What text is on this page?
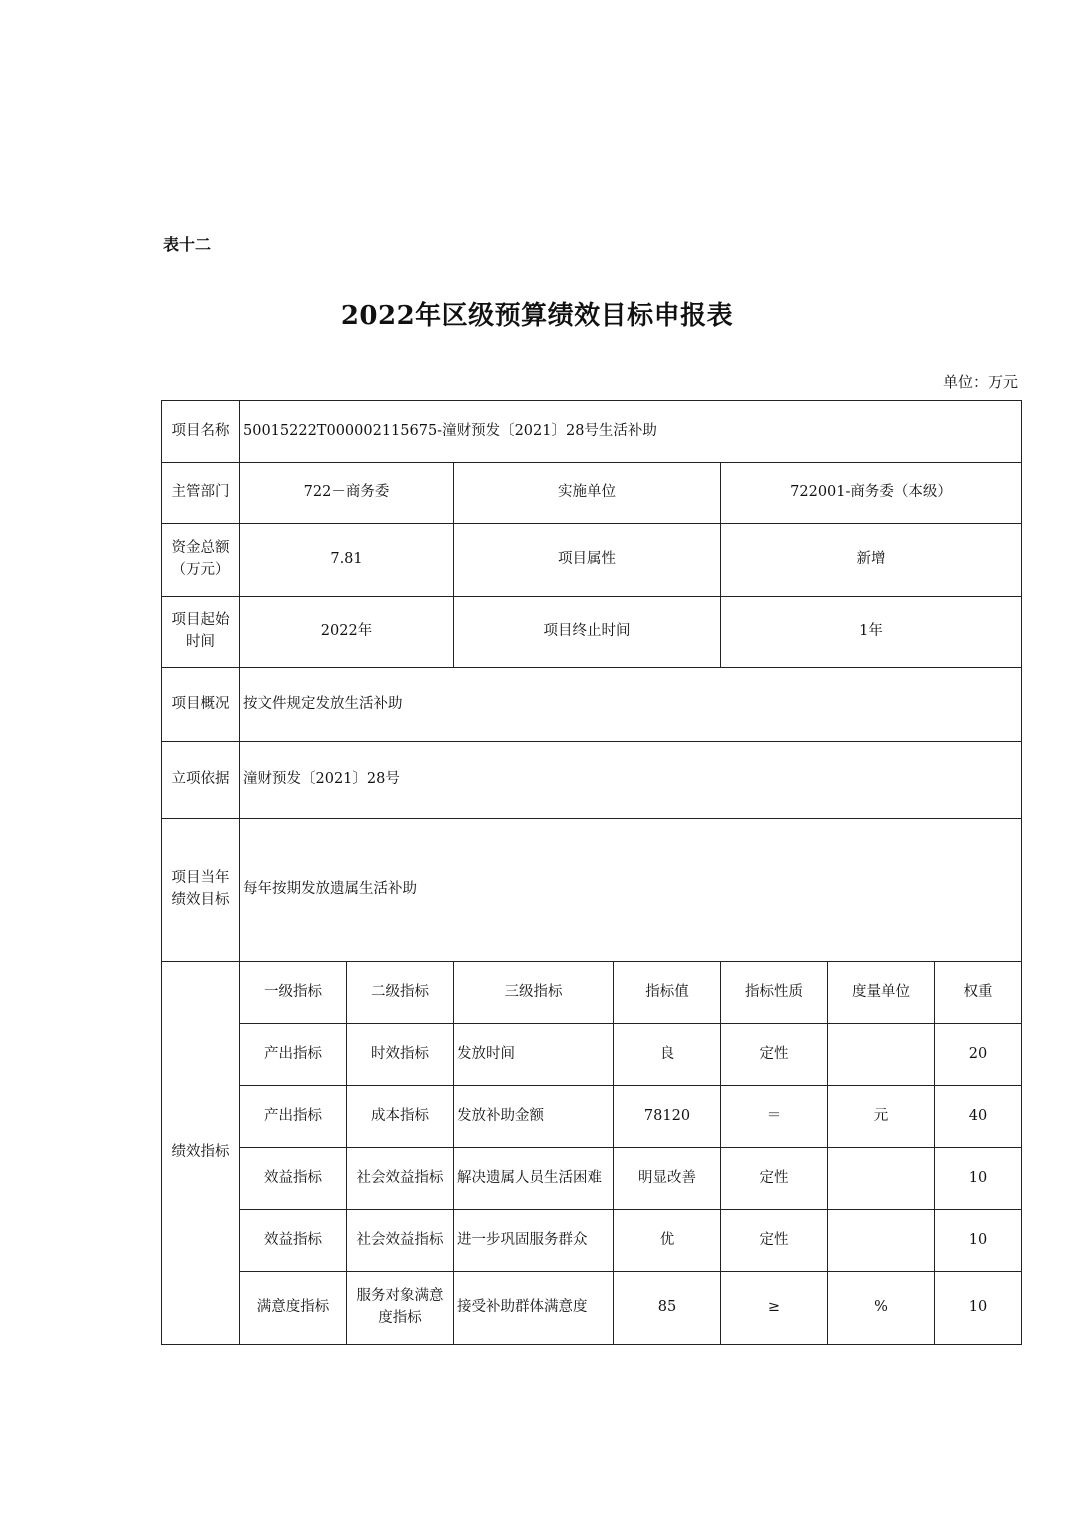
表十二
2022年区级预算绩效目标申报表
单位：万元
项目名称	50015222T000002115675-潼财预发〔2021〕28号生活补助						
主管部门	722－商务委		实施单位		722001-商务委（本级）		
资金总额（万元）	7.81		项目属性		新增		
项目起始时间	2022年		项目终止时间		1年		
项目概况	按文件规定发放生活补助						
立项依据	潼财预发〔2021〕28号						
项目当年绩效目标	每年按期发放遗属生活补助						
绩效指标	一级指标	二级指标	三级指标	指标值	指标性质	度量单位	权重
	产出指标	时效指标	发放时间	良	定性		20
	产出指标	成本指标	发放补助金额	78120	＝	元	40
	效益指标	社会效益指标	解决遗属人员生活困难	明显改善	定性		10
	效益指标	社会效益指标	进一步巩固服务群众	优	定性		10
	满意度指标	服务对象满意度指标	接受补助群体满意度	85	≥	%	10
